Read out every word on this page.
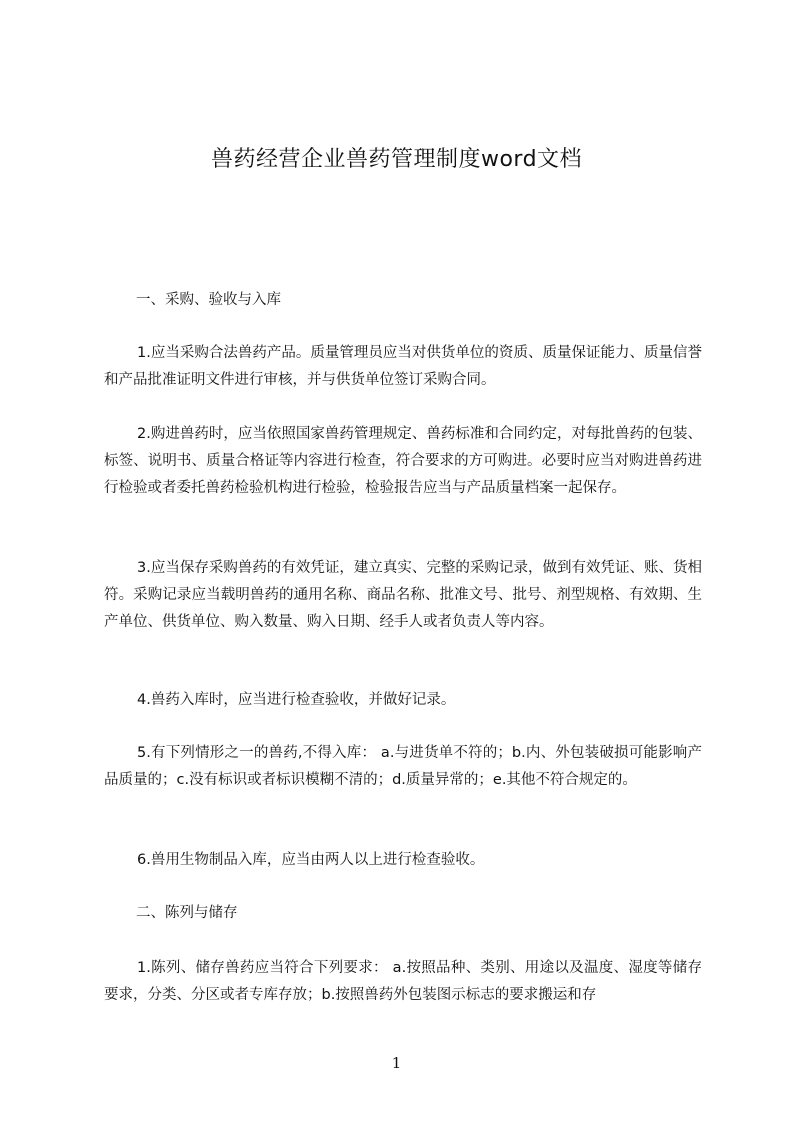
兽药经营企业兽药管理制度word文档

一、采购、验收与入库

1.应当采购合法兽药产品。质量管理员应当对供货单位的资质、质量保证能力、质量信誉和产品批准证明文件进行审核，并与供货单位签订采购合同。

2.购进兽药时，应当依照国家兽药管理规定、兽药标准和合同约定，对每批兽药的包装、标签、说明书、质量合格证等内容进行检查，符合要求的方可购进。必要时应当对购进兽药进行检验或者委托兽药检验机构进行检验，检验报告应当与产品质量档案一起保存。

3.应当保存采购兽药的有效凭证，建立真实、完整的采购记录，做到有效凭证、账、货相符。采购记录应当载明兽药的通用名称、商品名称、批准文号、批号、剂型规格、有效期、生产单位、供货单位、购入数量、购入日期、经手人或者负责人等内容。

4.兽药入库时，应当进行检查验收，并做好记录。

5.有下列情形之一的兽药,不得入库： a.与进货单不符的；b.内、外包装破损可能影响产品质量的；c.没有标识或者标识模糊不清的；d.质量异常的；e.其他不符合规定的。

6.兽用生物制品入库，应当由两人以上进行检查验收。

二、陈列与储存

1.陈列、储存兽药应当符合下列要求： a.按照品种、类别、用途以及温度、湿度等储存要求，分类、分区或者专库存放；b.按照兽药外包装图示标志的要求搬运和存

1
